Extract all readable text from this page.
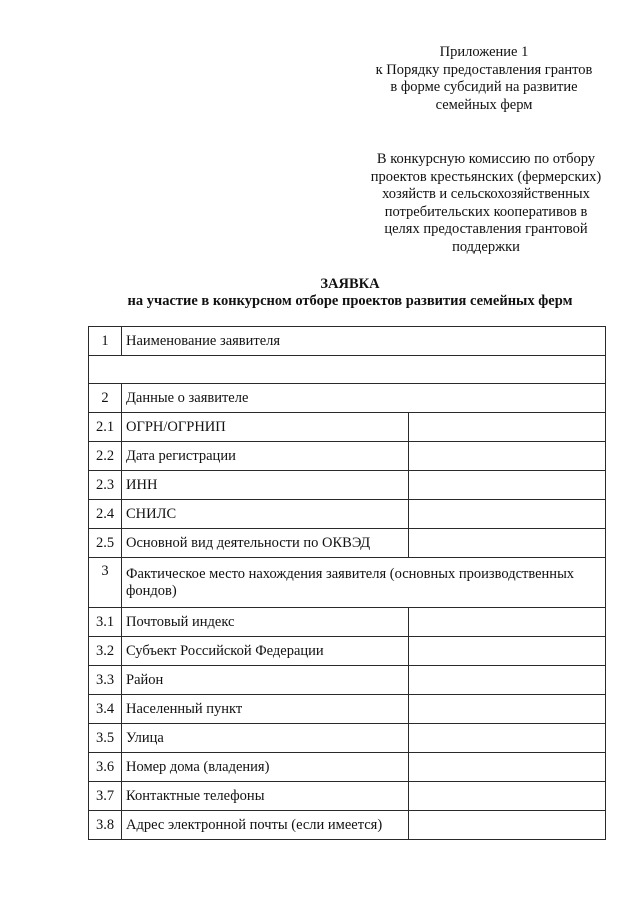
Приложение 1
к Порядку предоставления грантов
в форме субсидий на развитие
семейных ферм
В конкурсную комиссию по отбору
проектов крестьянских (фермерских)
хозяйств и сельскохозяйственных
потребительских кооперативов в
целях предоставления грантовой
поддержки
ЗАЯВКА
на участие в конкурсном отборе проектов развития семейных ферм
1	Наименование заявителя	

2	Данные о заявителе	
2.1	ОГРН/ОГРНИП	
2.2	Дата регистрации	
2.3	ИНН	
2.4	СНИЛС	
2.5	Основной вид деятельности по ОКВЭД	
3	Фактическое место нахождения заявителя (основных производственных фондов)	
3.1	Почтовый индекс	
3.2	Субъект Российской Федерации	
3.3	Район	
3.4	Населенный пункт	
3.5	Улица	
3.6	Номер дома (владения)	
3.7	Контактные телефоны	
3.8	Адрес электронной почты (если имеется)	
